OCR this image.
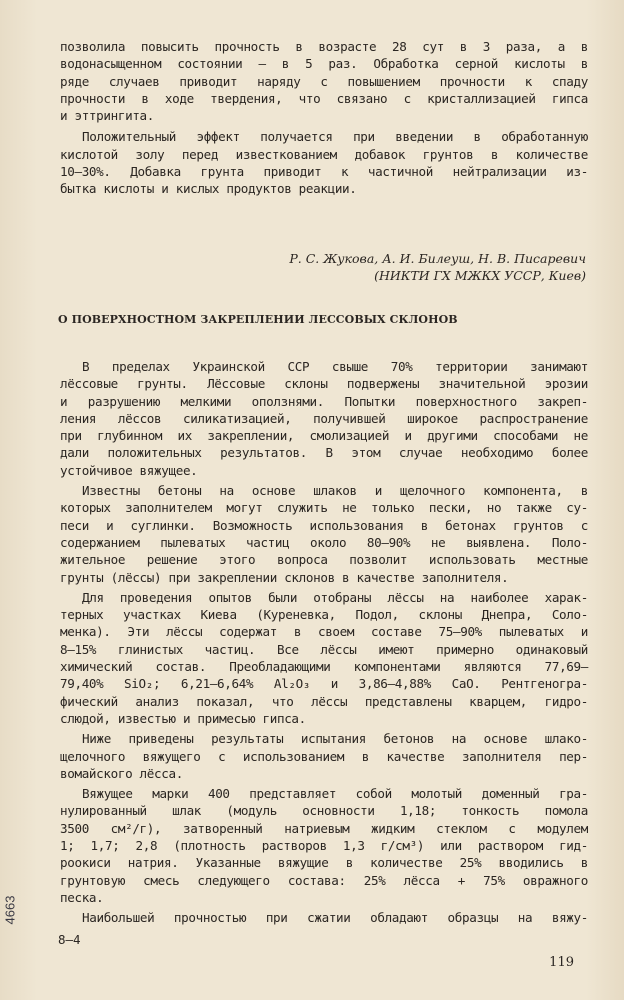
позволила повысить прочность в возрасте 28 сут в 3 раза, а в
водонасыщенном состоянии – в 5 раз. Обработка серной кислоты в
ряде случаев приводит наряду с повышением прочности к спаду
прочности в ходе твердения, что связано с кристаллизацией гипса
и эттрингита.
Положительный эффект получается при введении в обработанную
кислотой золу перед известкованием добавок грунтов в количестве
10–30%. Добавка грунта приводит к частичной нейтрализации из-
бытка кислоты и кислых продуктов реакции.
Р. С. Жукова, А. И. Билеуш, Н. В. Писаревич
(НИКТИ ГХ МЖКХ УССР, Киев)
О ПОВЕРХНОСТНОМ ЗАКРЕПЛЕНИИ ЛЕССОВЫХ СКЛОНОВ
В пределах Украинской ССР свыше 70% территории занимают
лёссовые грунты. Лёссовые склоны подвержены значительной эрозии
и разрушению мелкими оползнями. Попытки поверхностного закреп-
ления лёссов силикатизацией, получившей широкое распространение
при глубинном их закреплении, смолизацией и другими способами не
дали положительных результатов. В этом случае необходимо более
устойчивое вяжущее.
Известны бетоны на основе шлаков и щелочного компонента, в
которых заполнителем могут служить не только пески, но также су-
песи и суглинки. Возможность использования в бетонах грунтов с
содержанием пылеватых частиц около 80–90% не выявлена. Поло-
жительное решение этого вопроса позволит использовать местные
грунты (лёссы) при закреплении склонов в качестве заполнителя.
Для проведения опытов были отобраны лёссы на наиболее харак-
терных участках Киева (Куреневка, Подол, склоны Днепра, Соло-
менка). Эти лёссы содержат в своем составе 75–90% пылеватых и
8–15% глинистых частиц. Все лёссы имеют примерно одинаковый
химический состав. Преобладающими компонентами являются 77,69–
79,40% SiO₂; 6,21–6,64% Al₂O₃ и 3,86–4,88% CaO. Рентгеногра-
фический анализ показал, что лёссы представлены кварцем, гидро-
слюдой, известью и примесью гипса.
Ниже приведены результаты испытания бетонов на основе шлако-
щелочного вяжущего с использованием в качестве заполнителя пер-
вомайского лёсса.
Вяжущее марки 400 представляет собой молотый доменный гра-
нулированный шлак (модуль основности 1,18; тонкость помола
3500 см²/г), затворенный натриевым жидким стеклом с модулем
1; 1,7; 2,8 (плотность растворов 1,3 г/см³) или раствором гид-
роокиси натрия. Указанные вяжущие в количестве 25% вводились в
грунтовую смесь следующего состава: 25% лёсса + 75% овражного
песка.
Наибольшей прочностью при сжатии обладают образцы на вяжу-
8–4
119
4663
